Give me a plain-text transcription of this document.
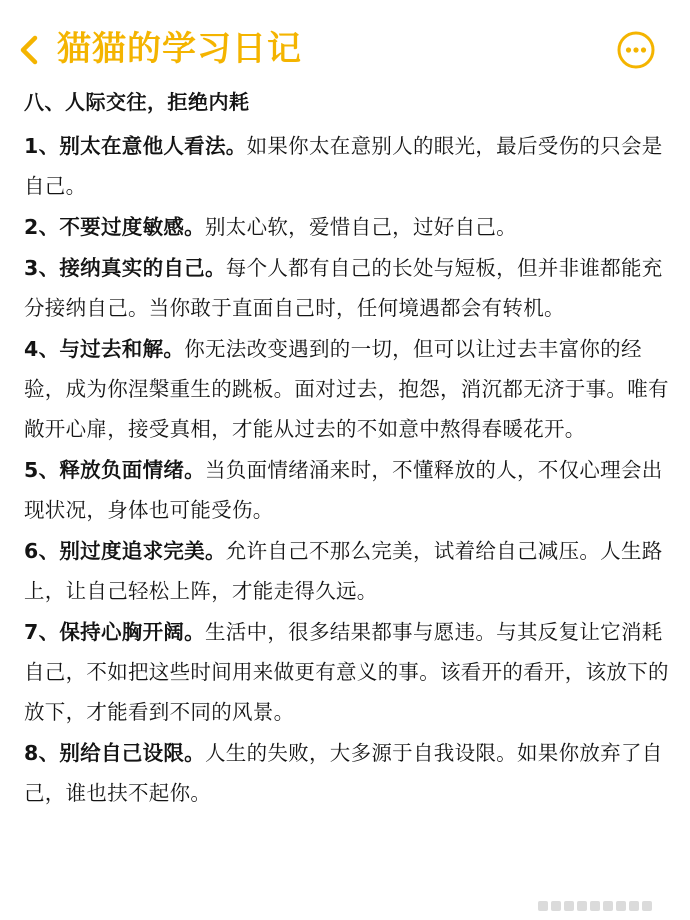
猫猫的学习日记
八、人际交往，拒绝内耗
1、别太在意他人看法。如果你太在意别人的眼光，最后受伤的只会是自己。
2、不要过度敏感。别太心软，爱惜自己，过好自己。
3、接纳真实的自己。每个人都有自己的长处与短板，但并非谁都能充分接纳自己。当你敢于直面自己时，任何境遇都会有转机。
4、与过去和解。你无法改变遇到的一切，但可以让过去丰富你的经验，成为你涅槃重生的跳板。面对过去，抱怨，消沉都无济于事。唯有敞开心扉，接受真相，才能从过去的不如意中熬得春暖花开。
5、释放负面情绪。当负面情绪涌来时，不懂释放的人，不仅心理会出现状况，身体也可能受伤。
6、别过度追求完美。允许自己不那么完美，试着给自己减压。人生路上，让自己轻松上阵，才能走得久远。
7、保持心胸开阔。生活中，很多结果都事与愿违。与其反复让它消耗自己，不如把这些时间用来做更有意义的事。该看开的看开，该放下的放下，才能看到不同的风景。
8、别给自己设限。人生的失败，大多源于自我设限。如果你放弃了自己，谁也扶不起你。
